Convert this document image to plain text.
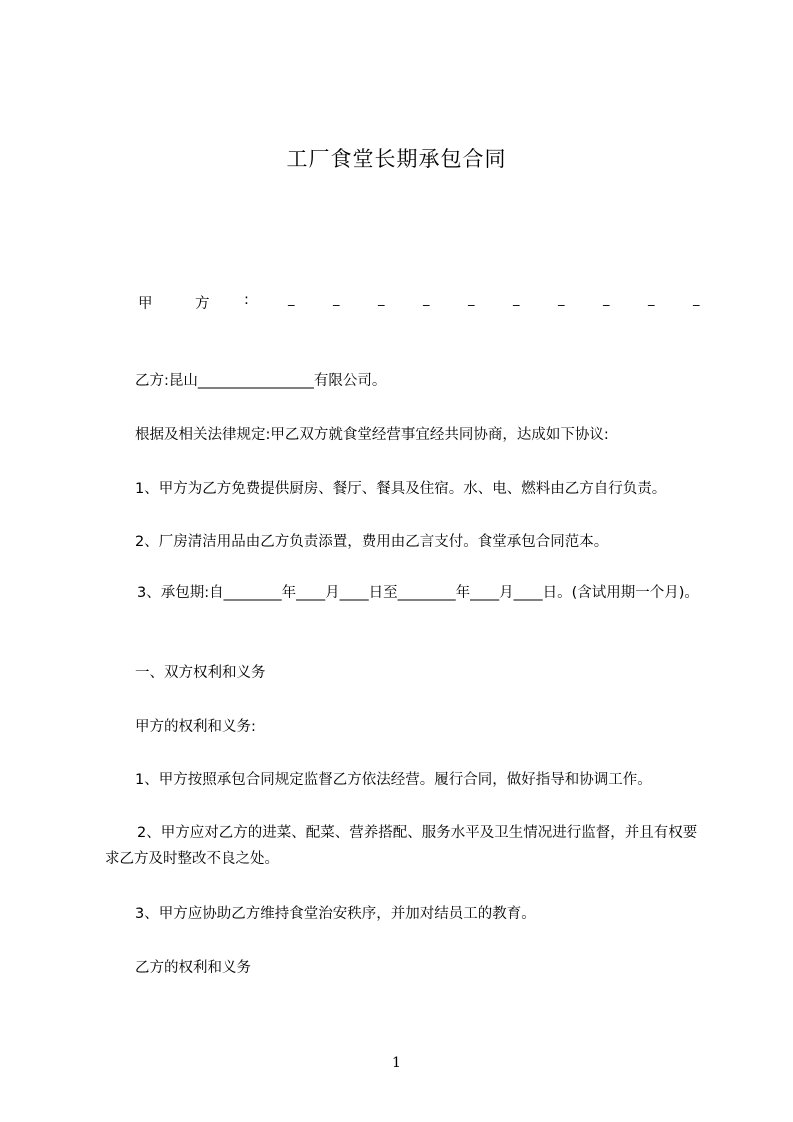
工厂食堂长期承包合同
甲	方 :	_	_	_	_	_	_	_	_	_	_
乙方:昆山________________有限公司。
根据及相关法律规定:甲乙双方就食堂经营事宜经共同协商，达成如下协议:
1、甲方为乙方免费提供厨房、餐厅、餐具及住宿。水、电、燃料由乙方自行负责。
2、厂房清洁用品由乙方负责添置，费用由乙言支付。食堂承包合同范本。
3、承包期:自________年____月____日至________年____月____日。(含试用期一个月)。
一、双方权利和义务
甲方的权利和义务:
1、甲方按照承包合同规定监督乙方依法经营。履行合同，做好指导和协调工作。
2、甲方应对乙方的进菜、配菜、营养搭配、服务水平及卫生情况进行监督，并且有权要求乙方及时整改不良之处。
3、甲方应协助乙方维持食堂治安秩序，并加对结员工的教育。
乙方的权利和义务
1
